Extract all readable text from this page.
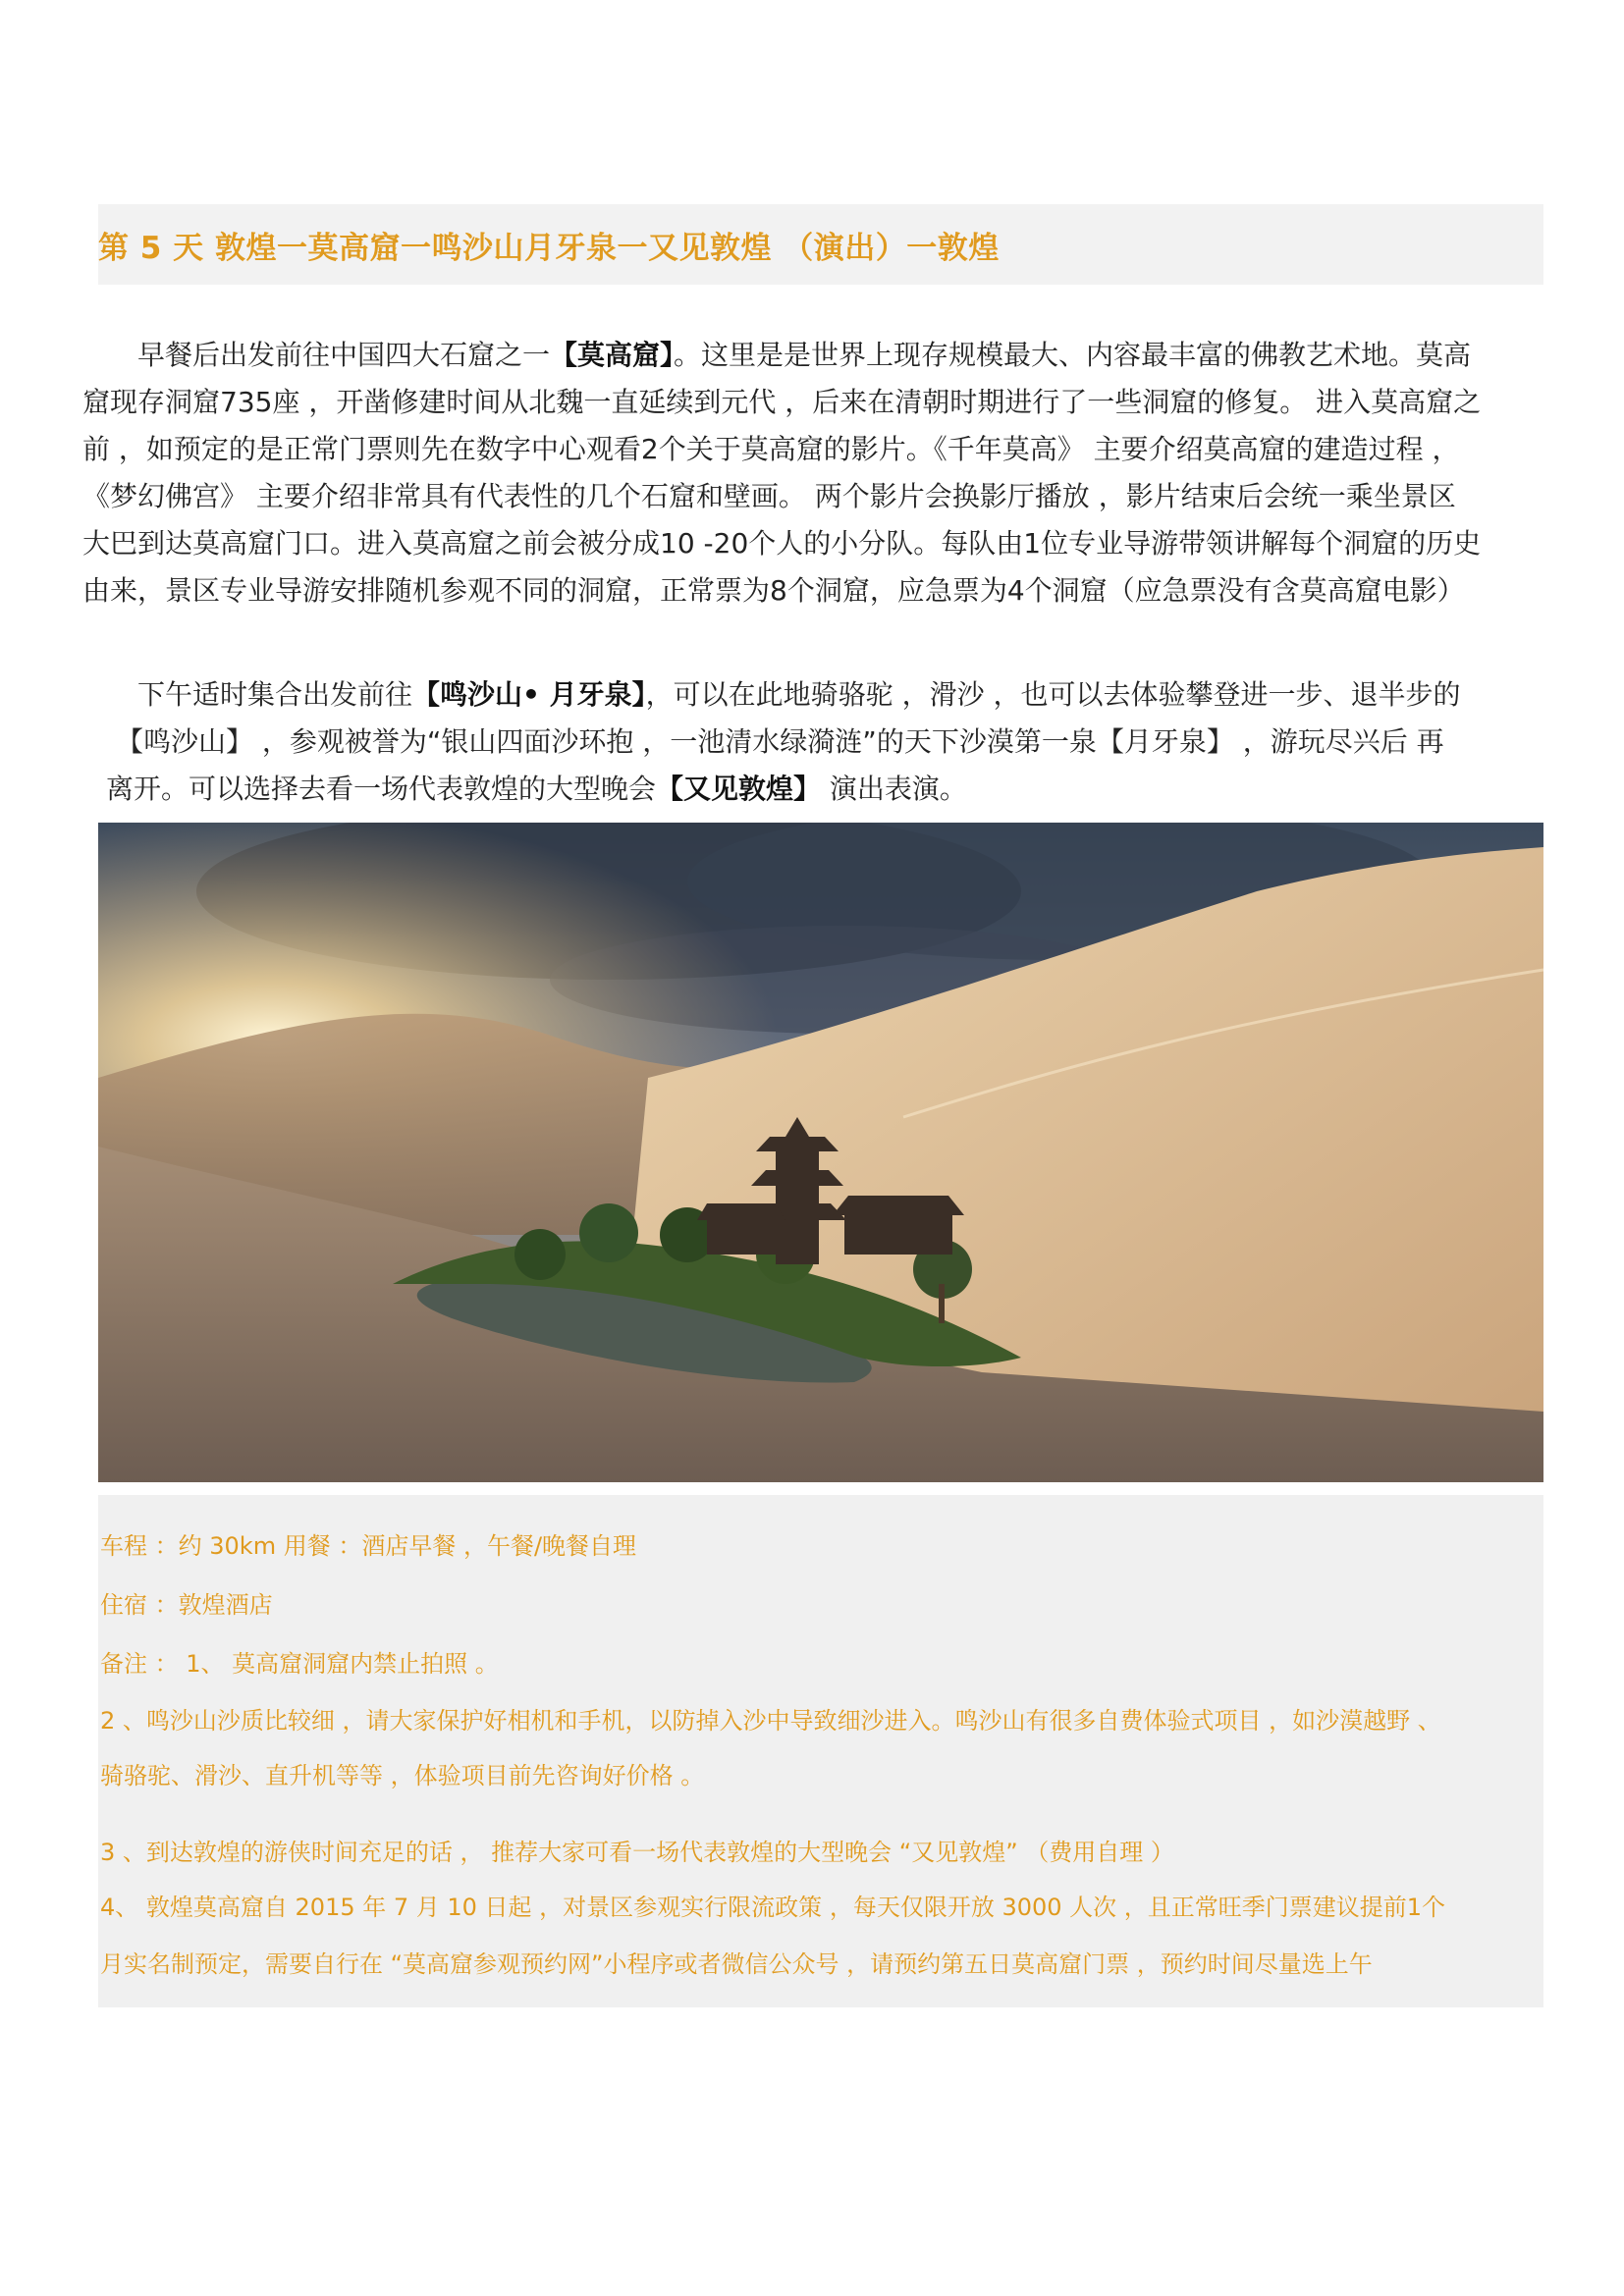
第 5 天 敦煌一莫高窟一鸣沙山月牙泉一又见敦煌 （演出）一敦煌

早餐后出发前往中国四大石窟之一【莫高窟】。这里是是世界上现存规模最大、内容最丰富的佛教艺术地。莫高
窟现存洞窟735座 ，开凿修建时间从北魏一直延续到元代 ，后来在清朝时期进行了一些洞窟的修复。 进入莫高窟之
前 ，如预定的是正常门票则先在数字中心观看2个关于莫高窟的影片。《千年莫高》 主要介绍莫高窟的建造过程 ，
《梦幻佛宫》 主要介绍非常具有代表性的几个石窟和壁画。 两个影片会换影厅播放 ，影片结束后会统一乘坐景区
大巴到达莫高窟门口。进入莫高窟之前会被分成10 -20个人的小分队。每队由1位专业导游带领讲解每个洞窟的历史
由来，景区专业导游安排随机参观不同的洞窟，正常票为8个洞窟，应急票为4个洞窟（应急票没有含莫高窟电影）

下午适时集合出发前往【鸣沙山• 月牙泉】，可以在此地骑骆驼 ，滑沙 ，也可以去体验攀登进一步、退半步的
【鸣沙山】 ，参观被誉为“银山四面沙环抱 ，一池清水绿漪涟”的天下沙漠第一泉【月牙泉】 ，游玩尽兴后 再
离开。可以选择去看一场代表敦煌的大型晚会【又见敦煌】 演出表演。

车程 ：约 30km 用餐 ：酒店早餐 ，午餐/晚餐自理
住宿 ：敦煌酒店
备注 ： 1、 莫高窟洞窟内禁止拍照 。
2 、鸣沙山沙质比较细 ，请大家保护好相机和手机，以防掉入沙中导致细沙进入。鸣沙山有很多自费体验式项目 ，如沙漠越野 、
骑骆驼、滑沙、直升机等等 ，体验项目前先咨询好价格 。
3 、到达敦煌的游侠时间充足的话 ， 推荐大家可看一场代表敦煌的大型晚会 “又见敦煌” （费用自理 ）
4、 敦煌莫高窟自 2015 年 7 月 10 日起 ，对景区参观实行限流政策 ，每天仅限开放 3000 人次 ，且正常旺季门票建议提前1个
月实名制预定，需要自行在 “莫高窟参观预约网”小程序或者微信公众号 ，请预约第五日莫高窟门票 ，预约时间尽量选上午
